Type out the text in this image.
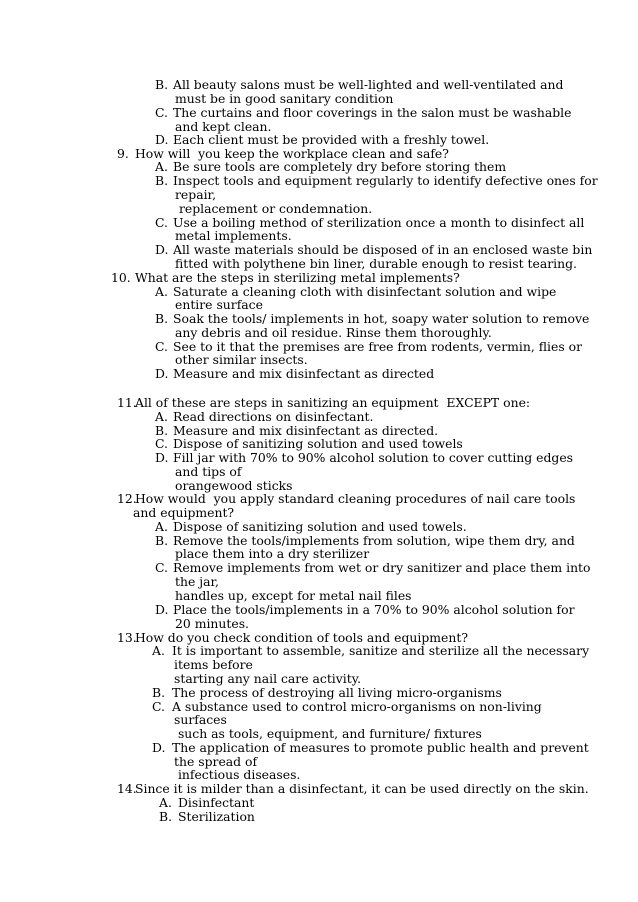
B. All beauty salons must be well-lighted and well-ventilated and
must be in good sanitary condition
C. The curtains and floor coverings in the salon must be washable
and kept clean.
D. Each client must be provided with a freshly towel.
9. How will  you keep the workplace clean and safe?
A. Be sure tools are completely dry before storing them
B. Inspect tools and equipment regularly to identify defective ones for
repair,
replacement or condemnation.
C. Use a boiling method of sterilization once a month to disinfect all
metal implements.
D. All waste materials should be disposed of in an enclosed waste bin
fitted with polythene bin liner, durable enough to resist tearing.
10. What are the steps in sterilizing metal implements?
A. Saturate a cleaning cloth with disinfectant solution and wipe
entire surface
B. Soak the tools/ implements in hot, soapy water solution to remove
any debris and oil residue. Rinse them thoroughly.
C. See to it that the premises are free from rodents, vermin, flies or
other similar insects.
D. Measure and mix disinfectant as directed
11.
All of these are steps in sanitizing an equipment  EXCEPT one:
A. Read directions on disinfectant.
B. Measure and mix disinfectant as directed.
C. Dispose of sanitizing solution and used towels
D. Fill jar with 70% to 90% alcohol solution to cover cutting edges
and tips of
orangewood sticks
12.
How would  you apply standard cleaning procedures of nail care tools
and equipment?
A. Dispose of sanitizing solution and used towels.
B. Remove the tools/implements from solution, wipe them dry, and
place them into a dry sterilizer
C. Remove implements from wet or dry sanitizer and place them into
the jar,
handles up, except for metal nail files
D. Place the tools/implements in a 70% to 90% alcohol solution for
20 minutes.
13.
How do you check condition of tools and equipment?
A. It is important to assemble, sanitize and sterilize all the necessary
items before
starting any nail care activity.
B. The process of destroying all living micro-organisms
C. A substance used to control micro-organisms on non-living
surfaces
such as tools, equipment, and furniture/ fixtures
D. The application of measures to promote public health and prevent
the spread of
infectious diseases.
14.
Since it is milder than a disinfectant, it can be used directly on the skin.
A. Disinfectant
B. Sterilization
